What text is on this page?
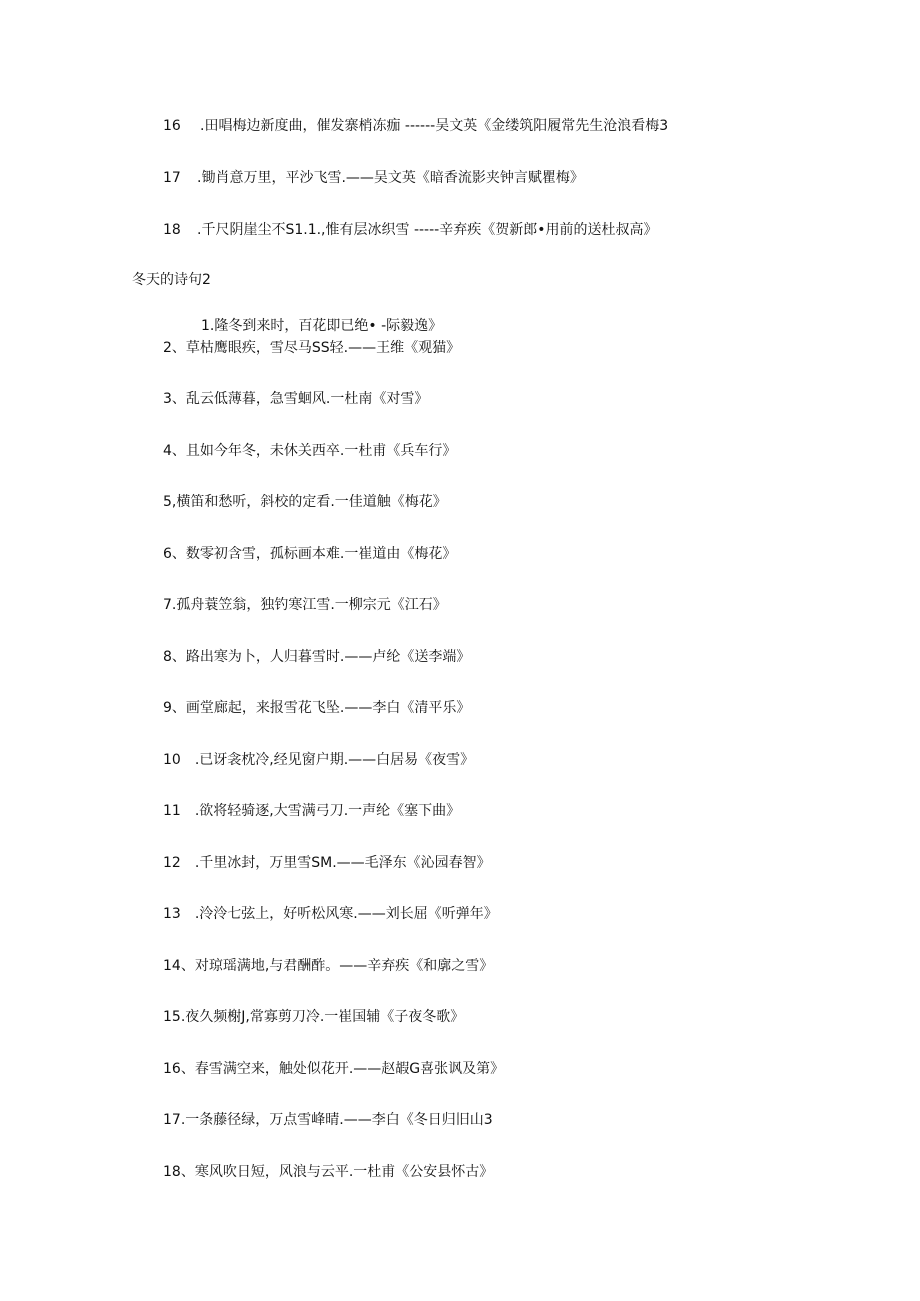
16 .田唱梅边新度曲，催发寨梢冻痂 ------吴文英《金缕筑阳履常先生沧浪看梅3
17 .锄肖意万里，平沙飞雪.——吴文英《暗香流影夹钟言赋瞿梅》
18 .千尺阴崖尘不S1.1.,惟有层冰织雪 -----辛弃疾《贺新郎•用前的送杜叔高》
冬天的诗句2
1.隆冬到来时，百花即已绝• -际毅逸》
2、草枯鹰眼疾，雪尽马SS轻.——王维《观猫》
3、乱云低薄暮，急雪蛔风.一杜南《对雪》
4、且如今年冬，未休关西卒.一杜甫《兵车行》
5,横笛和愁听，斜校的定看.一佳道触《梅花》
6、数零初含雪，孤标画本难.一崔道由《梅花》
7.孤舟蓑笠翁，独钓寒江雪.一柳宗元《江石》
8、路出寒为卜，人归暮雪时.——卢纶《送李端》
9、画堂廊起，来报雪花飞坠.——李白《清平乐》
10　.已讶衾枕冷,经见窗户期.——白居易《夜雪》
11　.欲将轻骑逐,大雪满弓刀.一声纶《塞下曲》
12　.千里冰封，万里雪SM.——毛泽东《沁园春智》
13　.泠泠七弦上，好听松风寒.——刘长屈《听弹年》
14、对琼瑶满地,与君酬酢。——辛弃疾《和廓之雪》
15.夜久频榭J,常寡剪刀冷.一崔国辅《子夜冬歌》
16、春雪满空来，触处似花开.——赵嘏G喜张讽及第》
17.一条藤径绿，万点雪峰晴.——李白《冬日归旧山3
18、寒风吹日短，风浪与云平.一杜甫《公安县怀古》
